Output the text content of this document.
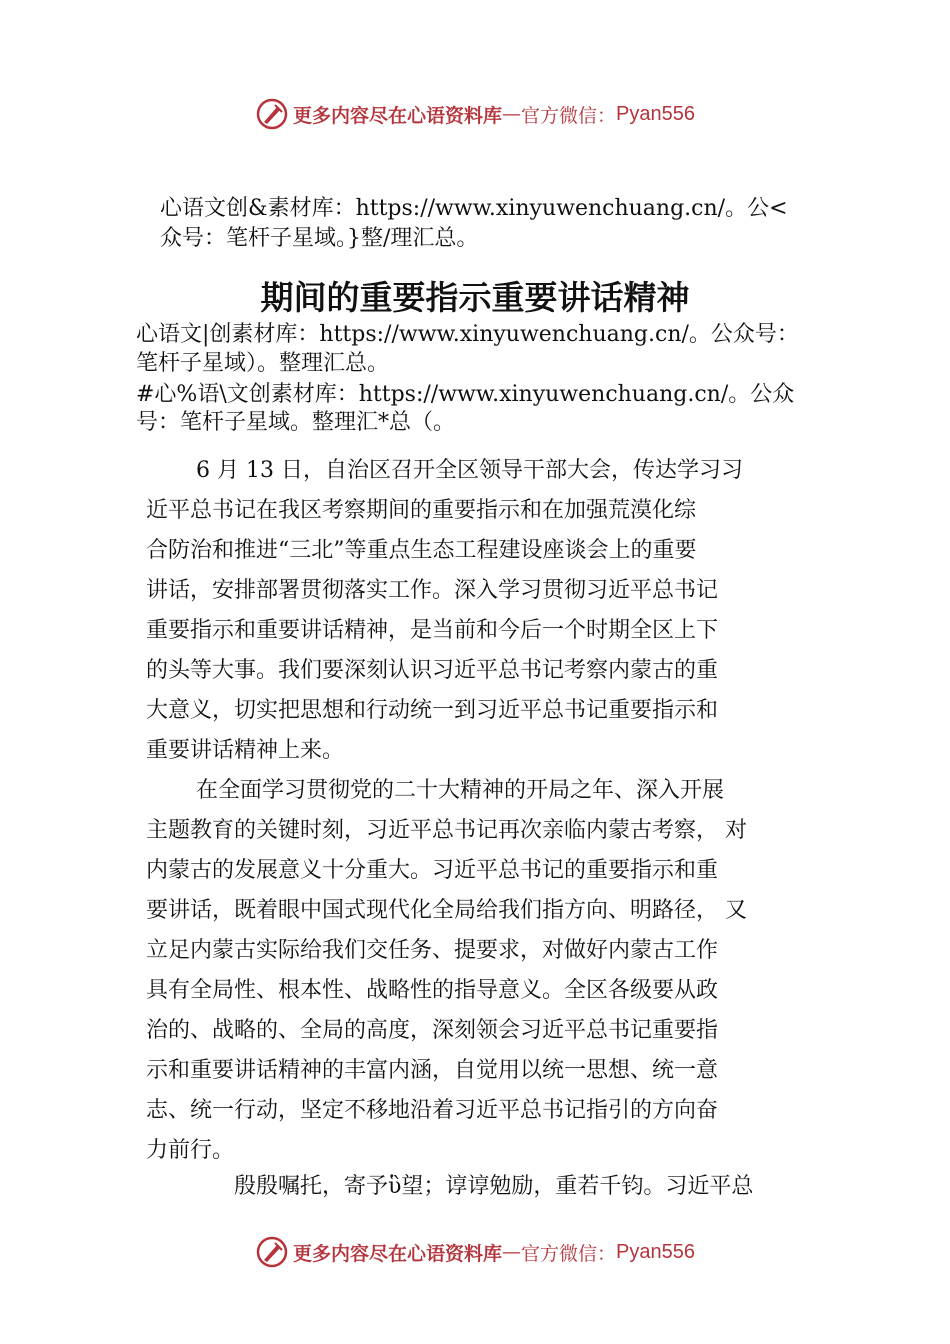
更多内容尽在心语资料库 — 官方微信： Pyan556
心语文创&素材库：https://www.xinyuwenchuang.cn/。公<
众号：笔杆子星域。}整/理汇总。
期间的重要指示重要讲话精神
心语文|创素材库：https://www.xinyuwenchuang.cn/。公众号：
笔杆子星域）。整理汇总。
#心%语\文创素材库：https://www.xinyuwenchuang.cn/。公众
号：笔杆子星域。整理汇*总（。
6 月 13 日，自治区召开全区领导干部大会，传达学习习
近平总书记在我区考察期间的重要指示和在加强荒漠化综
合防治和推进“三北”等重点生态工程建设座谈会上的重要
讲话，安排部署贯彻落实工作。深入学习贯彻习近平总书记
重要指示和重要讲话精神，是当前和今后一个时期全区上下
的头等大事。我们要深刻认识习近平总书记考察内蒙古的重
大意义，切实把思想和行动统一到习近平总书记重要指示和
重要讲话精神上来。
在全面学习贯彻党的二十大精神的开局之年、深入开展
主题教育的关键时刻，习近平总书记再次亲临内蒙古考察， 对
内蒙古的发展意义十分重大。习近平总书记的重要指示和重
要讲话，既着眼中国式现代化全局给我们指方向、明路径， 又
立足内蒙古实际给我们交任务、提要求，对做好内蒙古工作
具有全局性、根本性、战略性的指导意义。全区各级要从政
治的、战略的、全局的高度，深刻领会习近平总书记重要指
示和重要讲话精神的丰富内涵，自觉用以统一思想、统一意
志、统一行动，坚定不移地沿着习近平总书记指引的方向奋
力前行。
殷殷嘱托，寄予ὓ望；谆谆勉励，重若千钧。习近平总
更多内容尽在心语资料库 — 官方微信： Pyan556
